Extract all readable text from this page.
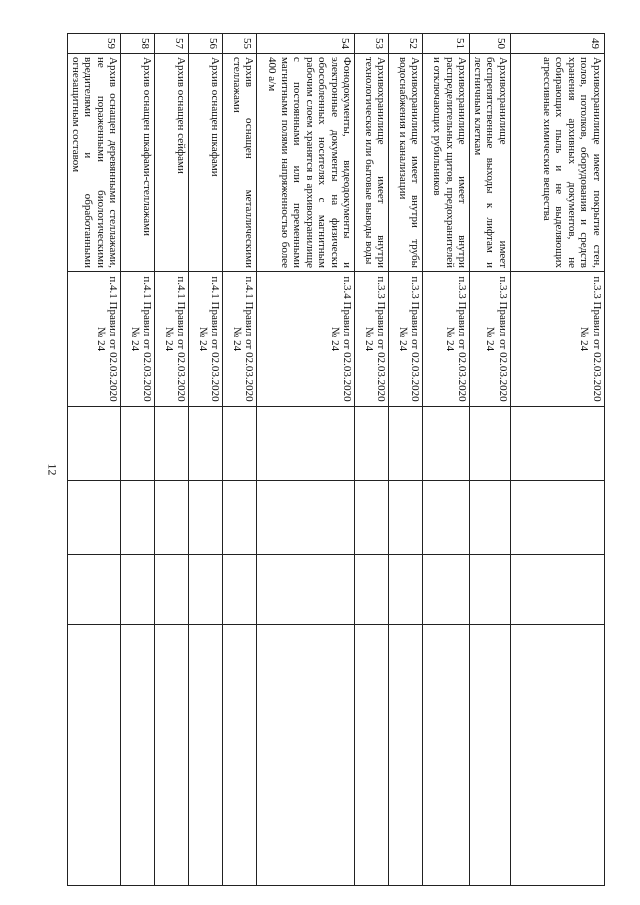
12
49	Архивохранилище имеет покрытие стен, полов, потолков, оборудования и средств хранения архивных документов, не собирающих пыль и не выделяющих агрессивные химические вещества	п.3.3 Правил от 02.03.2020 № 24				
50	Архивохранилище имеет беспрепятственные выходы к лифтам и лестничным клеткам	п.3.3 Правил от 02.03.2020 № 24				
51	Архивохранилище имеет внутри распределительных щитов, предохранителей и отключающих рубильников	п.3.3 Правил от 02.03.2020 № 24				
52	Архивохранилище имеет внутри трубы водоснабжения и канализации	п.3.3 Правил от 02.03.2020 № 24				
53	Архивохранилище имеет внутри технологические или бытовые выводы воды	п.3.3 Правил от 02.03.2020 № 24				
54	Фонодокументы, видеодокументы и электронные документы на физически обособленных носителях с магнитным рабочим слоем хранятся в архивохранилище с постоянными или переменными магнитными полями напряженностью более 400 а/м	п.3.4 Правил от 02.03.2020 № 24				
55	Архив оснащен металлическими стеллажами	п.4.1 Правил от 02.03.2020 № 24				
56	Архив оснащен шкафами	п.4.1 Правил от 02.03.2020 № 24				
57	Архив оснащен сейфами	п.4.1 Правил от 02.03.2020 № 24				
58	Архив оснащен шкафами-стеллажами	п.4.1 Правил от 02.03.2020 № 24				
59	Архив оснащен деревянными стеллажами, не пораженными биологическими вредителями и обработанными огнезащитным составом	п.4.1 Правил от 02.03.2020 № 24				
